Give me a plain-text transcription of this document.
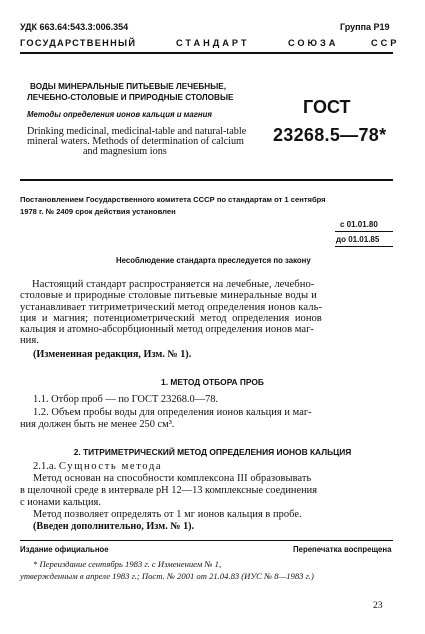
УДК 663.64:543.3:006.354	Группа Р19
ГОСУДАРСТВЕННЫЙ	СТАНДАРТ	СОЮЗА	ССР
ВОДЫ МИНЕРАЛЬНЫЕ ПИТЬЕВЫЕ ЛЕЧЕБНЫЕ,
ЛЕЧЕБНО-СТОЛОВЫЕ И ПРИРОДНЫЕ СТОЛОВЫЕ
Методы определения ионов кальция и магния	ГОСТ
23268.5—78*
Drinking medicinal, medicinal-table and natural-table
mineral waters. Methods of determination of calcium
and magnesium ions
Постановлением Государственного комитета СССР по стандартам от 1 сентября
1978 г. № 2409 срок действия установлен
с 01.01.80
до 01.01.85
Несоблюдение стандарта преследуется по закону
Настоящий стандарт распространяется на лечебные, лечебно-
столовые и природные столовые питьевые минеральные воды и
устанавливает титриметрический метод определения ионов каль-
ция и магния; потенциометрический метод определения ионов
кальция и атомно-абсорбционный метод определения ионов маг-
ния.
(Измененная редакция, Изм. № 1).
1. МЕТОД ОТБОРА ПРОБ
1.1. Отбор проб — по ГОСТ 23268.0—78.
1.2. Объем пробы воды для определения ионов кальция и маг-
ния должен быть не менее 250 см³.
2. ТИТРИМЕТРИЧЕСКИЙ МЕТОД ОПРЕДЕЛЕНИЯ ИОНОВ КАЛЬЦИЯ
2.1.а. Сущность метода
Метод основан на способности комплексона III образовывать
в щелочной среде в интервале pH 12—13 комплексные соединения
с ионами кальция.
Метод позволяет определять от 1 мг ионов кальция в пробе.
(Введен дополнительно, Изм. № 1).
Издание официальное	Перепечатка воспрещена
* Переиздание сентябрь 1983 г. с Изменением № 1,
утвержденным в апреле 1983 г.; Пост. № 2001 от 21.04.83 (ИУС № 8—1983 г.)
23
